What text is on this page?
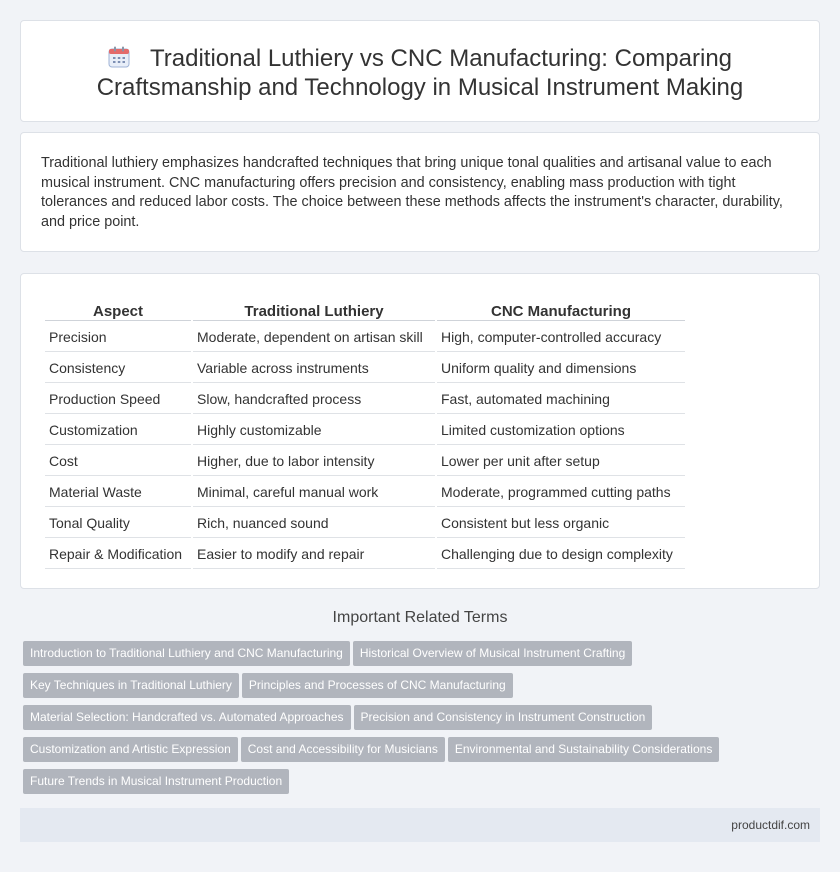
Traditional Luthiery vs CNC Manufacturing: Comparing
Craftsmanship and Technology in Musical Instrument Making

Traditional luthiery emphasizes handcrafted techniques that bring unique tonal qualities and artisanal value to each musical instrument. CNC manufacturing offers precision and consistency, enabling mass production with tight tolerances and reduced labor costs. The choice between these methods affects the instrument's character, durability, and price point.

Aspect	Traditional Luthiery	CNC Manufacturing
Precision	Moderate, dependent on artisan skill	High, computer-controlled accuracy
Consistency	Variable across instruments	Uniform quality and dimensions
Production Speed	Slow, handcrafted process	Fast, automated machining
Customization	Highly customizable	Limited customization options
Cost	Higher, due to labor intensity	Lower per unit after setup
Material Waste	Minimal, careful manual work	Moderate, programmed cutting paths
Tonal Quality	Rich, nuanced sound	Consistent but less organic
Repair & Modification	Easier to modify and repair	Challenging due to design complexity
Important Related Terms
Introduction to Traditional Luthiery and CNC Manufacturing Historical Overview of Musical Instrument Crafting
Key Techniques in Traditional Luthiery Principles and Processes of CNC Manufacturing
Material Selection: Handcrafted vs. Automated Approaches Precision and Consistency in Instrument Construction
Customization and Artistic Expression Cost and Accessibility for Musicians Environmental and Sustainability Considerations
Future Trends in Musical Instrument Production
productdif.com
